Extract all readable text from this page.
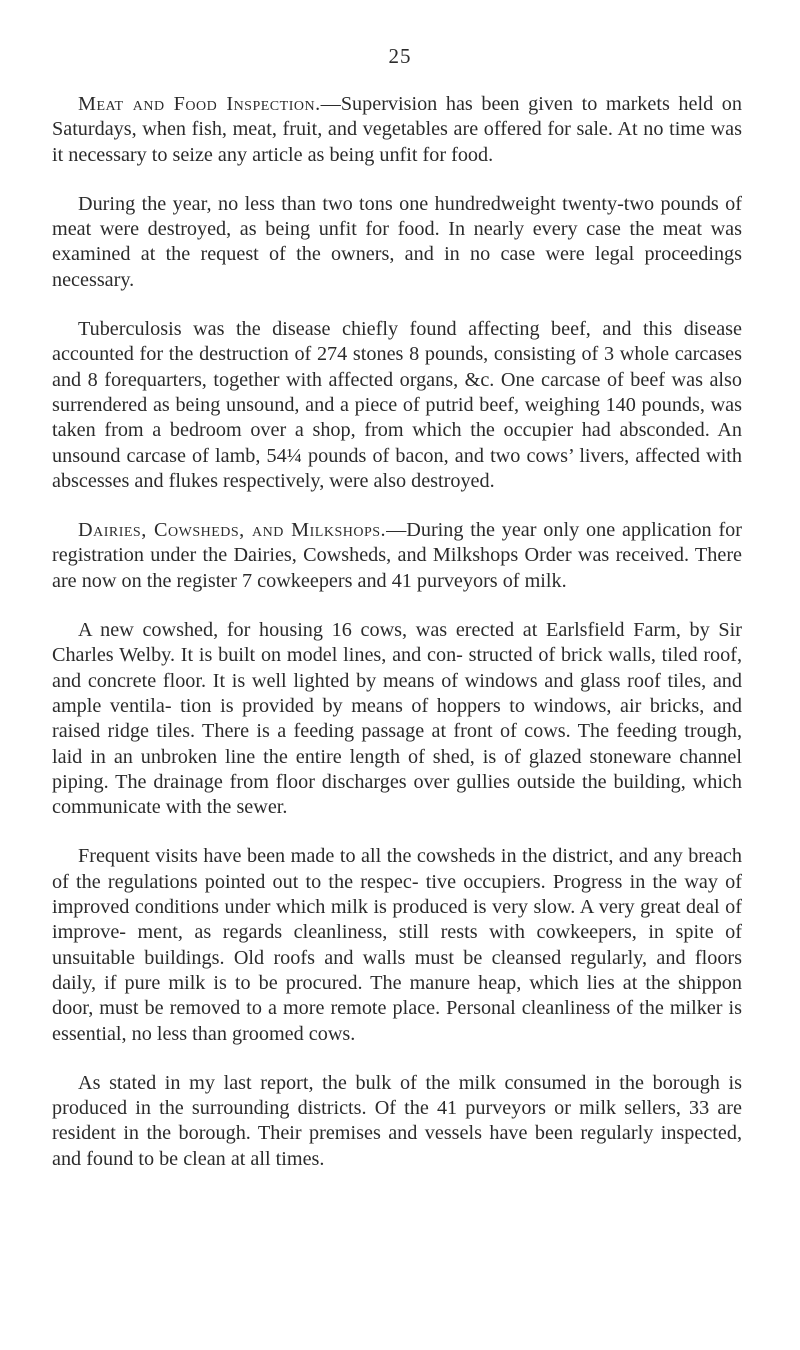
25

Meat and Food Inspection.—Supervision has been given to markets held on Saturdays, when fish, meat, fruit, and vegetables are offered for sale. At no time was it necessary to seize any article as being unfit for food.

During the year, no less than two tons one hundredweight twenty-two pounds of meat were destroyed, as being unfit for food. In nearly every case the meat was examined at the request of the owners, and in no case were legal proceedings necessary.

Tuberculosis was the disease chiefly found affecting beef, and this disease accounted for the destruction of 274 stones 8 pounds, consisting of 3 whole carcases and 8 forequarters, together with affected organs, &c. One carcase of beef was also surrendered as being unsound, and a piece of putrid beef, weighing 140 pounds, was taken from a bedroom over a shop, from which the occupier had absconded. An unsound carcase of lamb, 54¼ pounds of bacon, and two cows’ livers, affected with abscesses and flukes respectively, were also destroyed.

Dairies, Cowsheds, and Milkshops.—During the year only one application for registration under the Dairies, Cowsheds, and Milkshops Order was received. There are now on the register 7 cowkeepers and 41 purveyors of milk.

A new cowshed, for housing 16 cows, was erected at Earlsfield Farm, by Sir Charles Welby. It is built on model lines, and con- structed of brick walls, tiled roof, and concrete floor. It is well lighted by means of windows and glass roof tiles, and ample ventila- tion is provided by means of hoppers to windows, air bricks, and raised ridge tiles. There is a feeding passage at front of cows. The feeding trough, laid in an unbroken line the entire length of shed, is of glazed stoneware channel piping. The drainage from floor discharges over gullies outside the building, which communicate with the sewer.

Frequent visits have been made to all the cowsheds in the district, and any breach of the regulations pointed out to the respec- tive occupiers. Progress in the way of improved conditions under which milk is produced is very slow. A very great deal of improve- ment, as regards cleanliness, still rests with cowkeepers, in spite of unsuitable buildings. Old roofs and walls must be cleansed regularly, and floors daily, if pure milk is to be procured. The manure heap, which lies at the shippon door, must be removed to a more remote place. Personal cleanliness of the milker is essential, no less than groomed cows.

As stated in my last report, the bulk of the milk consumed in the borough is produced in the surrounding districts. Of the 41 purveyors or milk sellers, 33 are resident in the borough. Their premises and vessels have been regularly inspected, and found to be clean at all times.
